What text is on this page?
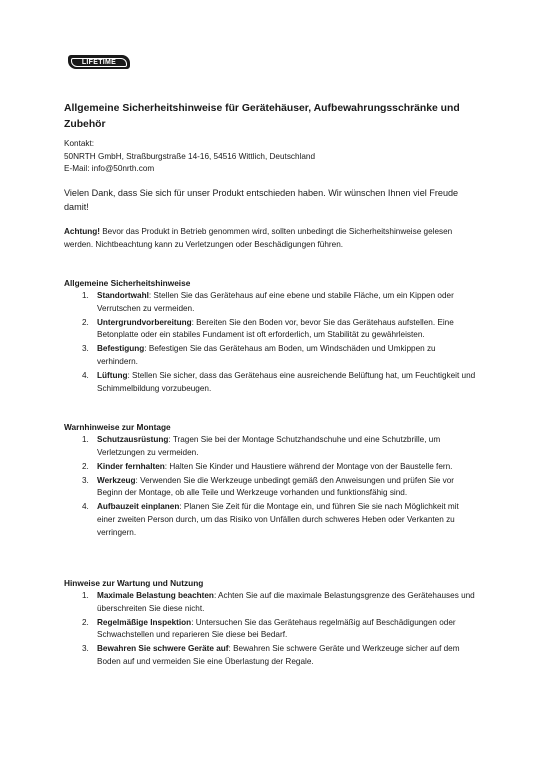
LIFETIME
Allgemeine Sicherheitshinweise für Gerätehäuser, Aufbewahrungsschränke und Zubehör
Kontakt:
50NRTH GmbH, Straßburgstraße 14-16, 54516 Wittlich, Deutschland
E-Mail: info@50nrth.com

Vielen Dank, dass Sie sich für unser Produkt entschieden haben. Wir wünschen Ihnen viel Freude damit!

Achtung! Bevor das Produkt in Betrieb genommen wird, sollten unbedingt die Sicherheitshinweise gelesen werden. Nichtbeachtung kann zu Verletzungen oder Beschädigungen führen.

Allgemeine Sicherheitshinweise
1. Standortwahl: Stellen Sie das Gerätehaus auf eine ebene und stabile Fläche, um ein Kippen oder Verrutschen zu vermeiden.
2. Untergrundvorbereitung: Bereiten Sie den Boden vor, bevor Sie das Gerätehaus aufstellen. Eine Betonplatte oder ein stabiles Fundament ist oft erforderlich, um Stabilität zu gewährleisten.
3. Befestigung: Befestigen Sie das Gerätehaus am Boden, um Windschäden und Umkippen zu verhindern.
4. Lüftung: Stellen Sie sicher, dass das Gerätehaus eine ausreichende Belüftung hat, um Feuchtigkeit und Schimmelbildung vorzubeugen.
Warnhinweise zur Montage
1. Schutzausrüstung: Tragen Sie bei der Montage Schutzhandschuhe und eine Schutzbrille, um Verletzungen zu vermeiden.
2. Kinder fernhalten: Halten Sie Kinder und Haustiere während der Montage von der Baustelle fern.
3. Werkzeug: Verwenden Sie die Werkzeuge unbedingt gemäß den Anweisungen und prüfen Sie vor Beginn der Montage, ob alle Teile und Werkzeuge vorhanden und funktionsfähig sind.
4. Aufbauzeit einplanen: Planen Sie Zeit für die Montage ein, und führen Sie sie nach Möglichkeit mit einer zweiten Person durch, um das Risiko von Unfällen durch schweres Heben oder Verkanten zu verringern.
Hinweise zur Wartung und Nutzung
1. Maximale Belastung beachten: Achten Sie auf die maximale Belastungsgrenze des Gerätehauses und überschreiten Sie diese nicht.
2. Regelmäßige Inspektion: Untersuchen Sie das Gerätehaus regelmäßig auf Beschädigungen oder Schwachstellen und reparieren Sie diese bei Bedarf.
3. Bewahren Sie schwere Geräte auf: Bewahren Sie schwere Geräte und Werkzeuge sicher auf dem Boden auf und vermeiden Sie eine Überlastung der Regale.
